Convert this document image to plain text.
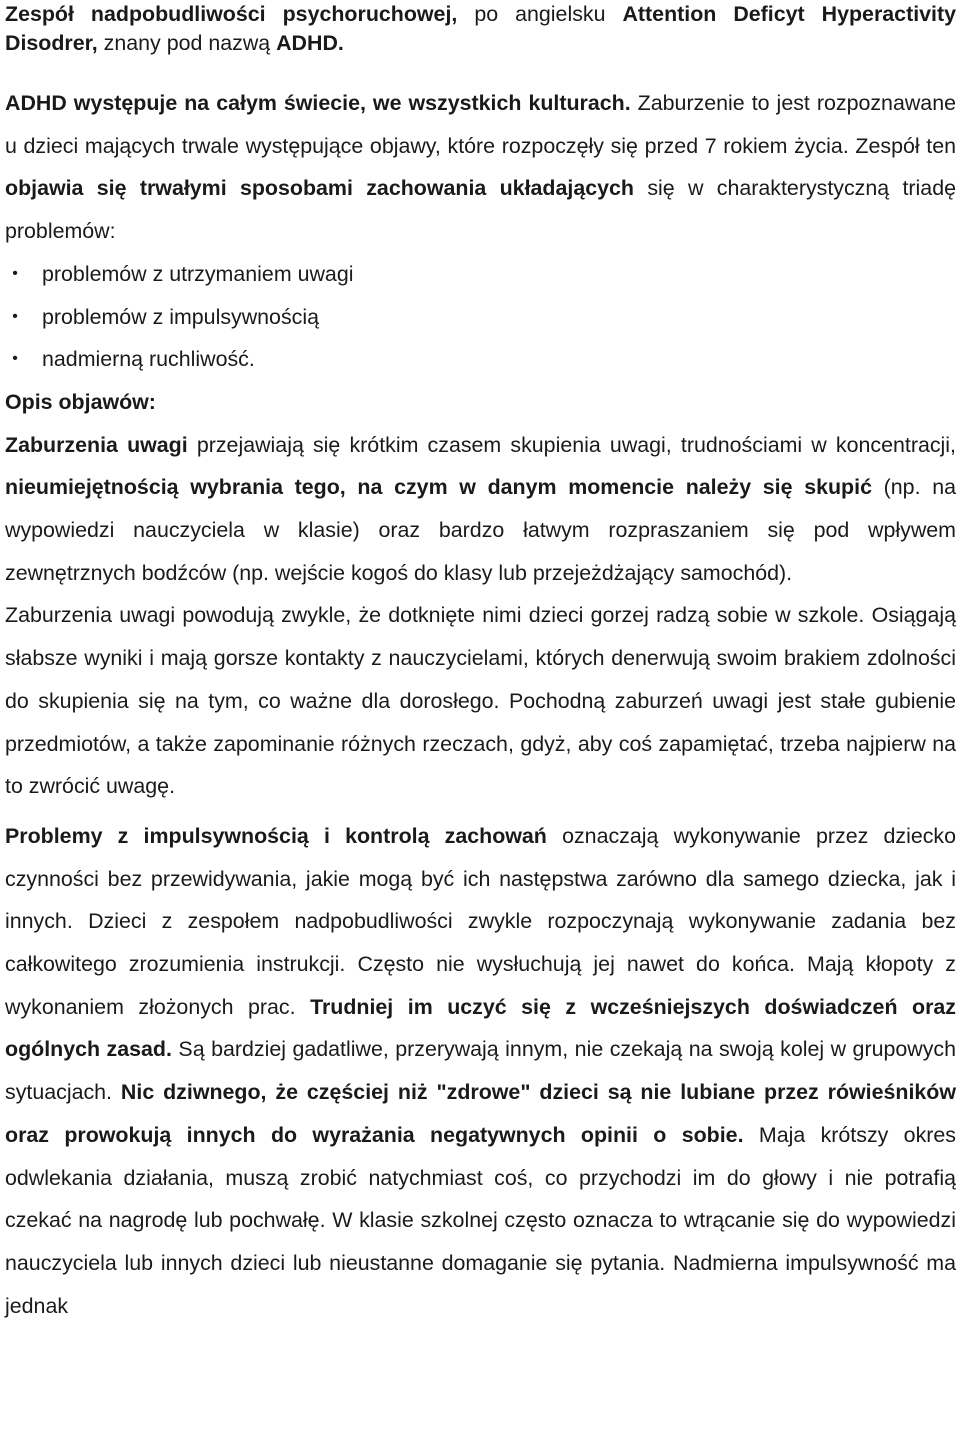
Zespół nadpobudliwości psychoruchowej, po angielsku Attention Deficyt Hyperactivity Disodrer, znany pod nazwą ADHD.

ADHD występuje na całym świecie, we wszystkich kulturach. Zaburzenie to jest rozpoznawane u dzieci mających trwale występujące objawy, które rozpoczęły się przed 7 rokiem życia. Zespół ten objawia się trwałymi sposobami zachowania układających się w charakterystyczną triadę problemów:

•	problemów z utrzymaniem uwagi
•	problemów z impulsywnością
•	nadmierną ruchliwość.

Opis objawów:

Zaburzenia uwagi przejawiają się krótkim czasem skupienia uwagi, trudnościami w koncentracji, nieumiejętnością wybrania tego, na czym w danym momencie należy się skupić (np. na wypowiedzi nauczyciela w klasie) oraz bardzo łatwym rozpraszaniem się pod wpływem zewnętrznych bodźców (np. wejście kogoś do klasy lub przejeżdżający samochód).

Zaburzenia uwagi powodują zwykle, że dotknięte nimi dzieci gorzej radzą sobie w szkole. Osiągają słabsze wyniki i mają gorsze kontakty z nauczycielami, których denerwują swoim brakiem zdolności do skupienia się na tym, co ważne dla dorosłego. Pochodną zaburzeń uwagi jest stałe gubienie przedmiotów, a także zapominanie różnych rzeczach, gdyż, aby coś zapamiętać, trzeba najpierw na to zwrócić uwagę.

Problemy z impulsywnością i kontrolą zachowań oznaczają wykonywanie przez dziecko czynności bez przewidywania, jakie mogą być ich następstwa zarówno dla samego dziecka, jak i innych. Dzieci z zespołem nadpobudliwości zwykle rozpoczynają wykonywanie zadania bez całkowitego zrozumienia instrukcji. Często nie wysłuchują jej nawet do końca. Mają kłopoty z wykonaniem złożonych prac. Trudniej im uczyć się z wcześniejszych doświadczeń oraz ogólnych zasad. Są bardziej gadatliwe, przerywają innym, nie czekają na swoją kolej w grupowych sytuacjach. Nic dziwnego, że częściej niż "zdrowe" dzieci są nie lubiane przez rówieśników oraz prowokują innych do wyrażania negatywnych opinii o sobie. Maja krótszy okres odwlekania działania, muszą zrobić natychmiast coś, co przychodzi im do głowy i nie potrafią czekać na nagrodę lub pochwałę. W klasie szkolnej często oznacza to wtrącanie się do wypowiedzi nauczyciela lub innych dzieci lub nieustanne domaganie się pytania. Nadmierna impulsywność ma jednak
